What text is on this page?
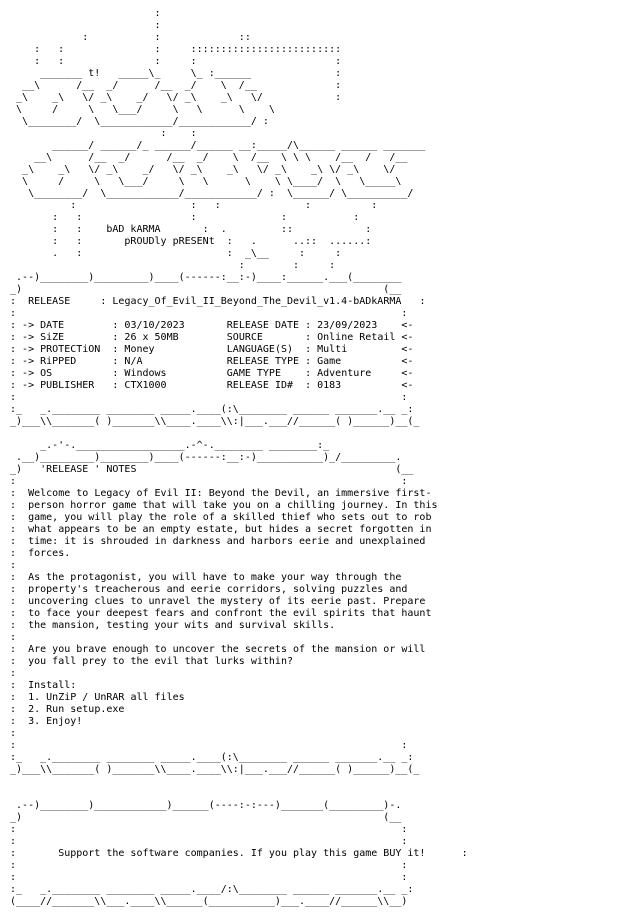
:
:
:           :             ::
:   :               :     :::::::::::::::::::::::::
:   :               :     :                       :
_______ t!   _____\_     \_ :______              :
__\      /__  _/      /__  _/    \  /__             :
_\    _\   \/ _\    _/   \/ _\    _\   \/            :
\     /     \   \___/     \   \      \    \
\________/  \____________/____________/ :
:    :
______/ ______/_ ______/______ __:_____/\______ ______ _______
__\      /__  _/      /__  _/    \  /__  \ \ \    /__  /   /__
_\    _\   \/ _\    _/   \/ _\    _\   \/ _\    _\ \/ _\    \/
\     /     \   \___/     \   \      \    \ \____/  \   \_____\
\________/  \____________/____________/ :  \______/ \__________/
:                   :   :              :          :
:   :                  :              :           :
:   :    bAD kARMA       :  .         ::            :
:   :       pROUDly pRESENt  :   .      ..::  ......:
.   :                        :  _\__     :     :
:        :     :
.--)________)_________)____(------:__:-)____:______.___(________
_)                                                            (__
:  RELEASE     : Legacy_Of_Evil_II_Beyond_The_Devil_v1.4-bADkARMA   :
:                                                                :
: -> DATE        : 03/10/2023       RELEASE DATE : 23/09/2023    <-
: -> SiZE        : 26 x 50MB        SOURCE       : Online Retail <-
: -> PROTECTiON  : Money            LANGUAGE(S)  : Multi         <-
: -> RiPPED      : N/A              RELEASE TYPE : Game          <-
: -> OS          : Windows          GAME TYPE    : Adventure     <-
: -> PUBLISHER   : CTX1000          RELEASE ID#  : 0183          <-
:                                                                :
:_   _.________ ________ _____.____(:\________ ______ _______.__ _:
_)___\\_______( )_______\\____.____\\:|___.___//______( )______)__(_

_.-'-.__________________.-^-.________ ________:_
.__)_________)________)____(------:__:-)___________)_/_________.
_)   'RELEASE ' NOTES	(__
:                                                                :
:  Welcome to Legacy of Evil II: Beyond the Devil, an immersive first-
:  person horror game that will take you on a chilling journey. In this
:  game, you will play the role of a skilled thief who sets out to rob
:  what appears to be an empty estate, but hides a secret forgotten in
:  time: it is shrouded in darkness and harbors eerie and unexplained
:  forces.
:
:  As the protagonist, you will have to make your way through the
:  property's treacherous and eerie corridors, solving puzzles and
:  uncovering clues to unravel the mystery of its eerie past. Prepare
:  to face your deepest fears and confront the evil spirits that haunt
:  the mansion, testing your wits and survival skills.
:
:  Are you brave enough to uncover the secrets of the mansion or will
:  you fall prey to the evil that lurks within?
:
:  Install:
:  1. UnZiP / UnRAR all files
:  2. Run setup.exe
:  3. Enjoy!
:
:                                                                :
:_   _.________ ________ _____.____(:\________ ______ _______.__ _:
_)___\\_______( )_______\\____.____\\:|___.___//______( )______)__(_

.--)________)____________)______(----:-:---)_______(_________)-.
_)                                                            (__
:                                                                :
:                                                                :
:	Support the software companies. If you play this game BUY it!	:
:                                                                :
:                                                                :
:_   _.________ ________ _____.____/:\________ ______ _______.__ _:
(____//_______\\___.____\\______(___________)___.____//______\\__)
